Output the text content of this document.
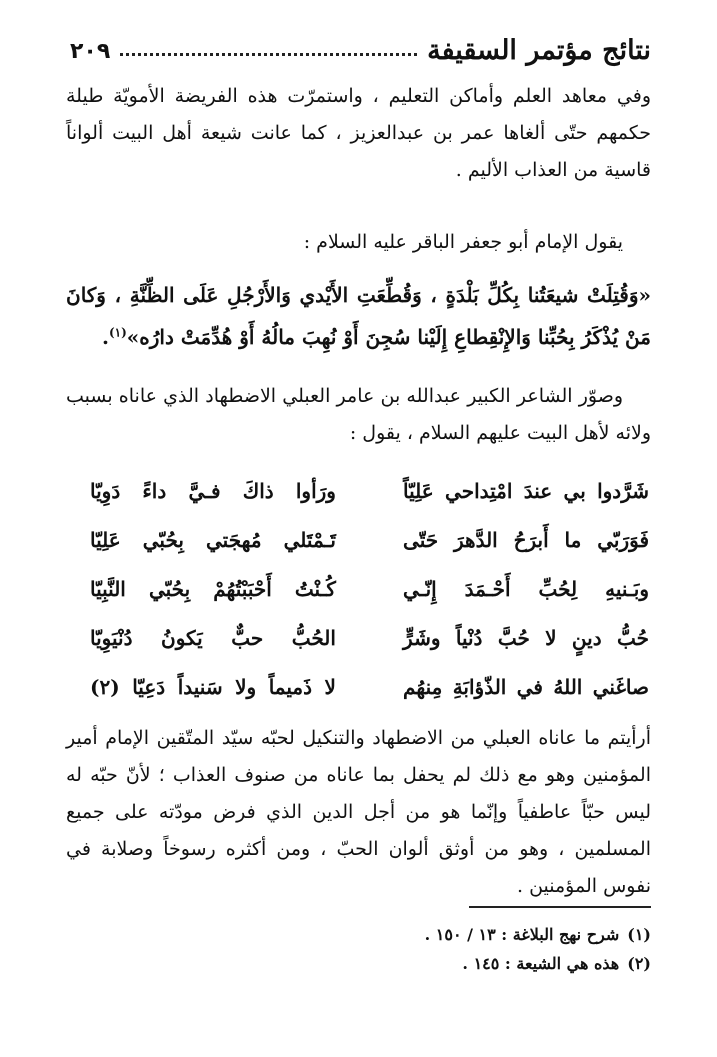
نتائج مؤتمر السقيفة
٢٠٩
وفي معاهد العلم وأماكن التعليم ، واستمرّت هذه الفريضة الأمويّة طيلة حكمهم حتّى ألغاها عمر بن عبدالعزيز ، كما عانت شيعة أهل البيت ألواناً قاسية من العذاب الأليم .
يقول الإمام أبو جعفر الباقر عليه السلام :
«وَقُتِلَتْ شيعَتُنا بِكُلِّ بَلْدَةٍ ، وَقُطِّعَتِ الأَيْدي وَالأَرْجُلِ عَلَى الظِّنَّةِ ، وَكانَ مَنْ يُذْكَرُ بِحُبِّنا وَالإِنْقِطاعِ إِلَيْنا سُجِنَ أَوْ نُهِبَ مالُهُ أَوْ هُدِّمَتْ دارُه»$^{(١)}$.
وصوّر الشاعر الكبير عبدالله بن عامر العبلي الاضطهاد الذي عاناه بسبب ولائه لأهل البيت عليهم السلام ، يقول :
شَرَّدوا بي عندَ امْتِداحي عَلِيّاً
ورَأوا ذاكَ فـيَّ داءً دَوِيّا
فَوَرَبّي ما أَبرَحُ الدَّهرَ حَتّى
تَـمْتَلي مُهجَتي بِحُبّي عَلِيّا
وبَـنيهِ لِحُبِّ أَحْـمَدَ إِنّـي
كُـنْتُ أَحْبَبْتُهُمْ بِحُبّي النَّبِيّا
حُبُّ دينٍ لا حُبَّ دُنْياً وشَرٍّ
الحُبُّ حبٌّ يَكونُ دُنْيَوِيّا
صاغَني اللهُ في الذّؤابَةِ مِنهُم
لا ذَميماً ولا سَنيداً دَعِيّا (٢)
أرأيتم ما عاناه العبلي من الاضطهاد والتنكيل لحبّه سيّد المتّقين الإمام أمير المؤمنين وهو مع ذلك لم يحفل بما عاناه من صنوف العذاب ؛ لأنّ حبّه له ليس حبّاً عاطفياً وإنّما هو من أجل الدين الذي فرض مودّته على جميع المسلمين ، وهو من أوثق ألوان الحبّ ، ومن أكثره رسوخاً وصلابة في نفوس المؤمنين .
(١)شرح نهج البلاغة : ١٣ / ١٥٠ .
(٢)هذه هي الشيعة : ١٤٥ .
